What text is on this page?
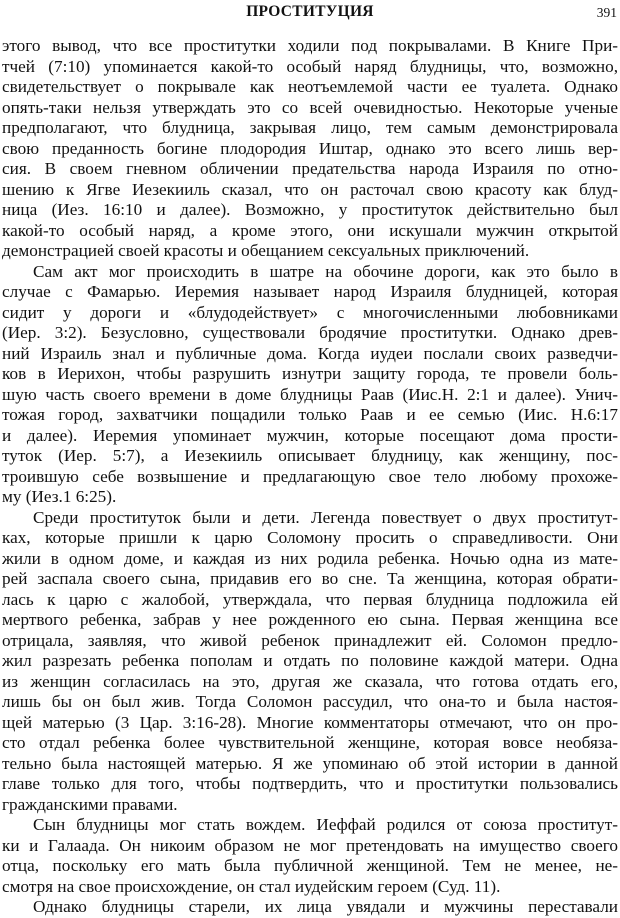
ПРОСТИТУЦИЯ	391
этого вывод, что все проститутки ходили под покрывалами. В Книге При-
тчей (7:10) упоминается какой-то особый наряд блудницы, что, возможно,
свидетельствует о покрывале как неотъемлемой части ее туалета. Однако
опять-таки нельзя утверждать это со всей очевидностью. Некоторые ученые
предполагают, что блудница, закрывая лицо, тем самым демонстрировала
свою преданность богине плодородия Иштар, однако это всего лишь вер-
сия. В своем гневном обличении предательства народа Израиля по отно-
шению к Ягве Иезекииль сказал, что он расточал свою красоту как блуд-
ница (Иез. 16:10 и далее). Возможно, у проституток действительно был
какой-то особый наряд, а кроме этого, они искушали мужчин открытой
демонстрацией своей красоты и обещанием сексуальных приключений.
Сам акт мог происходить в шатре на обочине дороги, как это было в
случае с Фамарью. Иеремия называет народ Израиля блудницей, которая
сидит у дороги и «блудодействует» с многочисленными любовниками
(Иер. 3:2). Безусловно, существовали бродячие проститутки. Однако древ-
ний Израиль знал и публичные дома. Когда иудеи послали своих разведчи-
ков в Иерихон, чтобы разрушить изнутри защиту города, те провели боль-
шую часть своего времени в доме блудницы Раав (Иис.Н. 2:1 и далее). Унич-
тожая город, захватчики пощадили только Раав и ее семью (Иис. Н.6:17
и далее). Иеремия упоминает мужчин, которые посещают дома прости-
туток (Иер. 5:7), а Иезекииль описывает блудницу, как женщину, пос-
троившую себе возвышение и предлагающую свое тело любому прохоже-
му (Иез.1 6:25).
Среди проституток были и дети. Легенда повествует о двух проститут-
ках, которые пришли к царю Соломону просить о справедливости. Они
жили в одном доме, и каждая из них родила ребенка. Ночью одна из мате-
рей заспала своего сына, придавив его во сне. Та женщина, которая обрати-
лась к царю с жалобой, утверждала, что первая блудница подложила ей
мертвого ребенка, забрав у нее рожденного ею сына. Первая женщина все
отрицала, заявляя, что живой ребенок принадлежит ей. Соломон предло-
жил разрезать ребенка пополам и отдать по половине каждой матери. Одна
из женщин согласилась на это, другая же сказала, что готова отдать его,
лишь бы он был жив. Тогда Соломон рассудил, что она-то и была настоя-
щей матерью (3 Цар. 3:16-28). Многие комментаторы отмечают, что он про-
сто отдал ребенка более чувствительной женщине, которая вовсе необяза-
тельно была настоящей матерью. Я же упоминаю об этой истории в данной
главе только для того, чтобы подтвердить, что и проститутки пользовались
гражданскими правами.
Сын блудницы мог стать вождем. Иеффай родился от союза проститут-
ки и Галаада. Он никоим образом не мог претендовать на имущество своего
отца, поскольку его мать была публичной женщиной. Тем не менее, не-
смотря на свое происхождение, он стал иудейским героем (Суд. 11).
Однако блудницы старели, их лица увядали и мужчины переставали
